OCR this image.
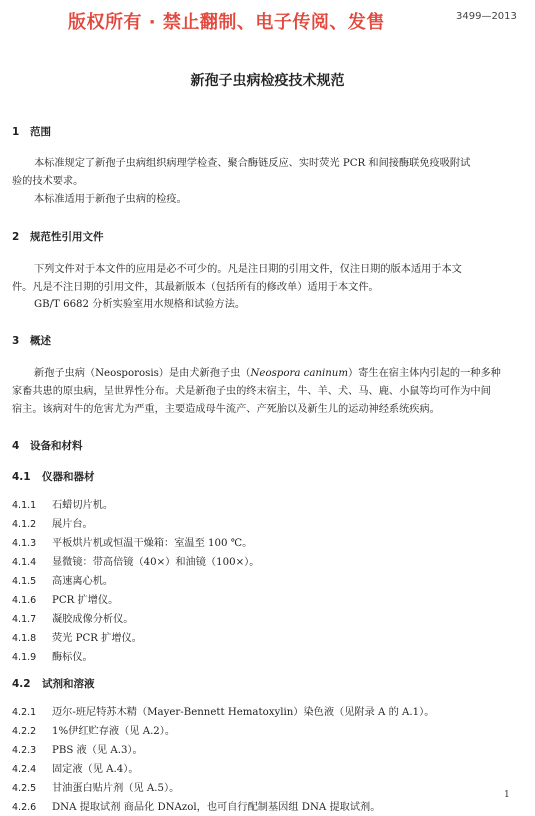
版权所有 · 禁止翻制、电子传阅、发售	3499—2013
新孢子虫病检疫技术规范
1 范围
本标准规定了新孢子虫病组织病理学检查、聚合酶链反应、实时荧光 PCR 和间接酶联免疫吸附试
验的技术要求。
本标准适用于新孢子虫病的检疫。
2 规范性引用文件
下列文件对于本文件的应用是必不可少的。凡是注日期的引用文件，仅注日期的版本适用于本文
件。凡是不注日期的引用文件，其最新版本（包括所有的修改单）适用于本文件。
GB/T 6682 分析实验室用水规格和试验方法。
3 概述
新孢子虫病（Neosporosis）是由犬新孢子虫（Neospora caninum）寄生在宿主体内引起的一种多种
家畜共患的原虫病，呈世界性分布。犬是新孢子虫的终末宿主，牛、羊、犬、马、鹿、小鼠等均可作为中间
宿主。该病对牛的危害尤为严重，主要造成母牛流产、产死胎以及新生儿的运动神经系统疾病。
4 设备和材料
4.1 仪器和器材
4.1.1 石蜡切片机。
4.1.2 展片台。
4.1.3 平板烘片机或恒温干燥箱：室温至 100 ℃。
4.1.4 显微镜：带高倍镜（40×）和油镜（100×）。
4.1.5 高速离心机。
4.1.6 PCR 扩增仪。
4.1.7 凝胶成像分析仪。
4.1.8 荧光 PCR 扩增仪。
4.1.9 酶标仪。
4.2 试剂和溶液
4.2.1 迈尔-班尼特苏木精（Mayer-Bennett Hematoxylin）染色液（见附录 A 的 A.1）。
4.2.2 1%伊红贮存液（见 A.2）。
4.2.3 PBS 液（见 A.3）。
4.2.4 固定液（见 A.4）。
4.2.5 甘油蛋白贴片剂（见 A.5）。
4.2.6 DNA 提取试剂 商品化 DNAzol，也可自行配制基因组 DNA 提取试剂。
1
